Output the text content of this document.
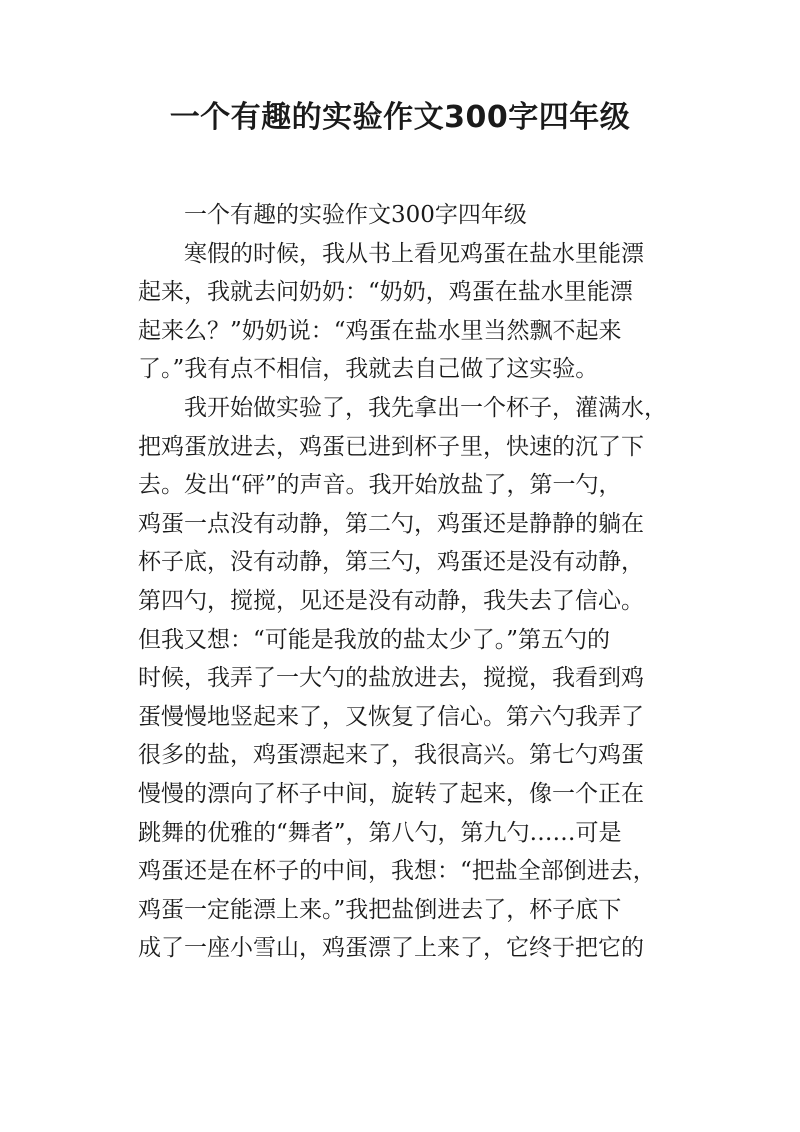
一个有趣的实验作文300字四年级
一个有趣的实验作文300字四年级
寒假的时候，我从书上看见鸡蛋在盐水里能漂
起来，我就去问奶奶：“奶奶，鸡蛋在盐水里能漂
起来么？”奶奶说：“鸡蛋在盐水里当然飘不起来
了。”我有点不相信，我就去自己做了这实验。
我开始做实验了，我先拿出一个杯子，灌满水，
把鸡蛋放进去，鸡蛋已进到杯子里，快速的沉了下
去。发出“砰”的声音。我开始放盐了，第一勺，
鸡蛋一点没有动静，第二勺，鸡蛋还是静静的躺在
杯子底，没有动静，第三勺，鸡蛋还是没有动静，
第四勺，搅搅，见还是没有动静，我失去了信心。
但我又想：“可能是我放的盐太少了。”第五勺的
时候，我弄了一大勺的盐放进去，搅搅，我看到鸡
蛋慢慢地竖起来了，又恢复了信心。第六勺我弄了
很多的盐，鸡蛋漂起来了，我很高兴。第七勺鸡蛋
慢慢的漂向了杯子中间，旋转了起来，像一个正在
跳舞的优雅的“舞者”，第八勺，第九勺……可是
鸡蛋还是在杯子的中间，我想：“把盐全部倒进去，
鸡蛋一定能漂上来。”我把盐倒进去了，杯子底下
成了一座小雪山，鸡蛋漂了上来了，它终于把它的
